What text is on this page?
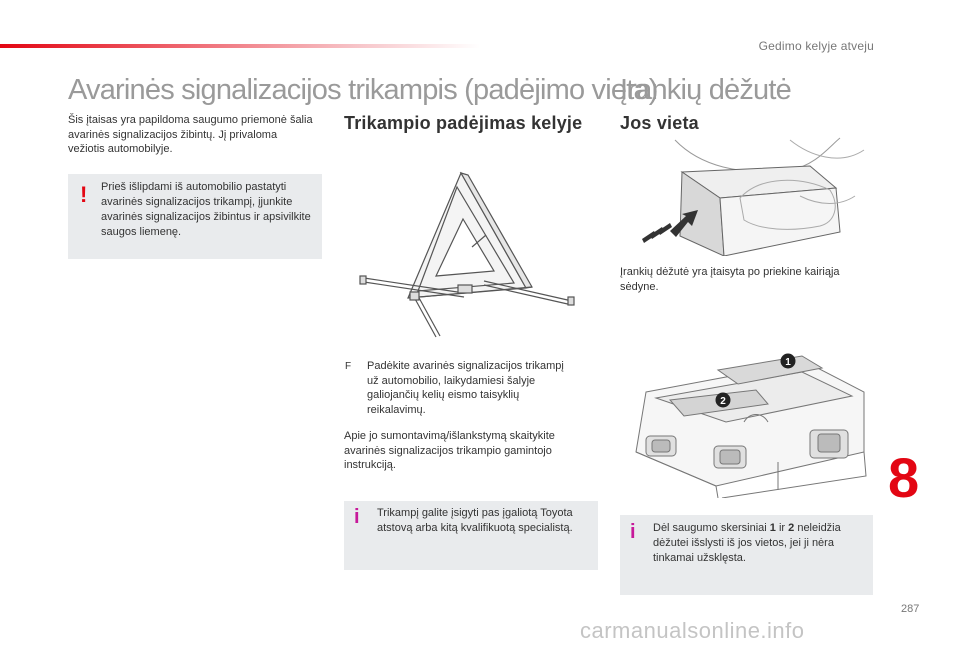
Gedimo kelyje atveju
Avarinės signalizacijos trikampis (padėjimo vieta)
Šis įtaisas yra papildoma saugumo priemonė šalia avarinės signalizacijos žibintų. Jį privaloma vežiotis automobilyje.
! Prieš išlipdami iš automobilio pastatyti avarinės signalizacijos trikampį, įjunkite avarinės signalizacijos žibintus ir apsivilkite saugos liemenę.
Trikampio padėjimas kelyje
F Padėkite avarinės signalizacijos trikampį už automobilio, laikydamiesi šalyje galiojančių kelių eismo taisyklių reikalavimų.
Apie jo sumontavimą/išlankstymą skaitykite avarinės signalizacijos trikampio gamintojo instrukciją.
i Trikampį galite įsigyti pas įgaliotą Toyota atstovą arba kitą kvalifikuotą specialistą.
Įrankių dėžutė
Jos vieta
Įrankių dėžutė yra įtaisyta po priekine kairiąja sėdyne.
1
2
i Dėl saugumo skersiniai 1 ir 2 neleidžia dėžutei išslysti iš jos vietos, jei ji nėra tinkamai užsklęsta.
8
287
carmanualsonline.info
